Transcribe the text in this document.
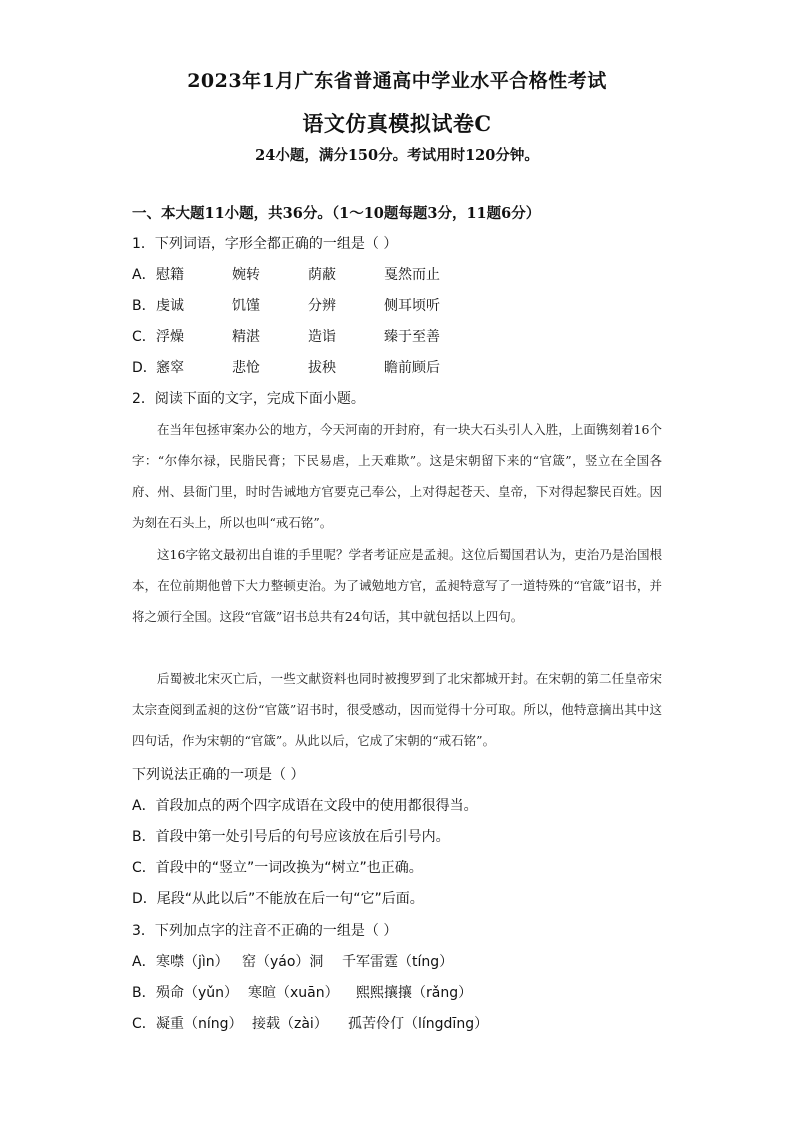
2023年1月广东省普通高中学业水平合格性考试
语文仿真模拟试卷C
24小题，满分150分。考试用时120分钟。
一、本大题11小题，共36分。（1～10题每题3分，11题6分）
1．下列词语，字形全都正确的一组是（ ）
A． 慰籍	婉转	荫蔽	戛然而止
B． 虔诚	饥馑	分辨	侧耳顷听
C． 浮燥	精湛	造诣	臻于至善
D． 窸窣	悲怆	拔秧	瞻前顾后
2．阅读下面的文字，完成下面小题。
在当年包拯审案办公的地方，今天河南的开封府，有一块大石头引人入胜，上面镌刻着16个字：“尔俸尔禄，民脂民膏；下民易虐，上天难欺”。这是宋朝留下来的“官箴”，竖立在全国各府、州、县衙门里，时时告诫地方官要克己奉公，上对得起苍天、皇帝，下对得起黎民百姓。因为刻在石头上，所以也叫“戒石铭”。
这16字铭文最初出自谁的手里呢？学者考证应是孟昶。这位后蜀国君认为，吏治乃是治国根本，在位前期他曾下大力整顿吏治。为了诫勉地方官，孟昶特意写了一道特殊的“官箴”诏书，并将之颁行全国。这段“官箴”诏书总共有24句话，其中就包括以上四句。
后蜀被北宋灭亡后，一些文献资料也同时被搜罗到了北宋都城开封。在宋朝的第二任皇帝宋太宗查阅到孟昶的这份“官箴”诏书时，很受感动，因而觉得十分可取。所以，他特意摘出其中这四句话，作为宋朝的“官箴”。从此以后，它成了宋朝的“戒石铭”。
下列说法正确的一项是（ ）
A．首段加点的两个四字成语在文段中的使用都很得当。
B．首段中第一处引号后的句号应该放在后引号内。
C．首段中的“竖立”一词改换为“树立”也正确。
D．尾段“从此以后”不能放在后一句“它”后面。
3．下列加点字的注音不正确的一组是（ ）
A． 寒噤（jìn） 窑（yáo）洞 千军雷霆（tíng）
B． 殒命（yǔn） 寒暄（xuān） 熙熙攘攘（rǎng）
C． 凝重（níng） 接载（zài） 孤苦伶仃（língdīng）
